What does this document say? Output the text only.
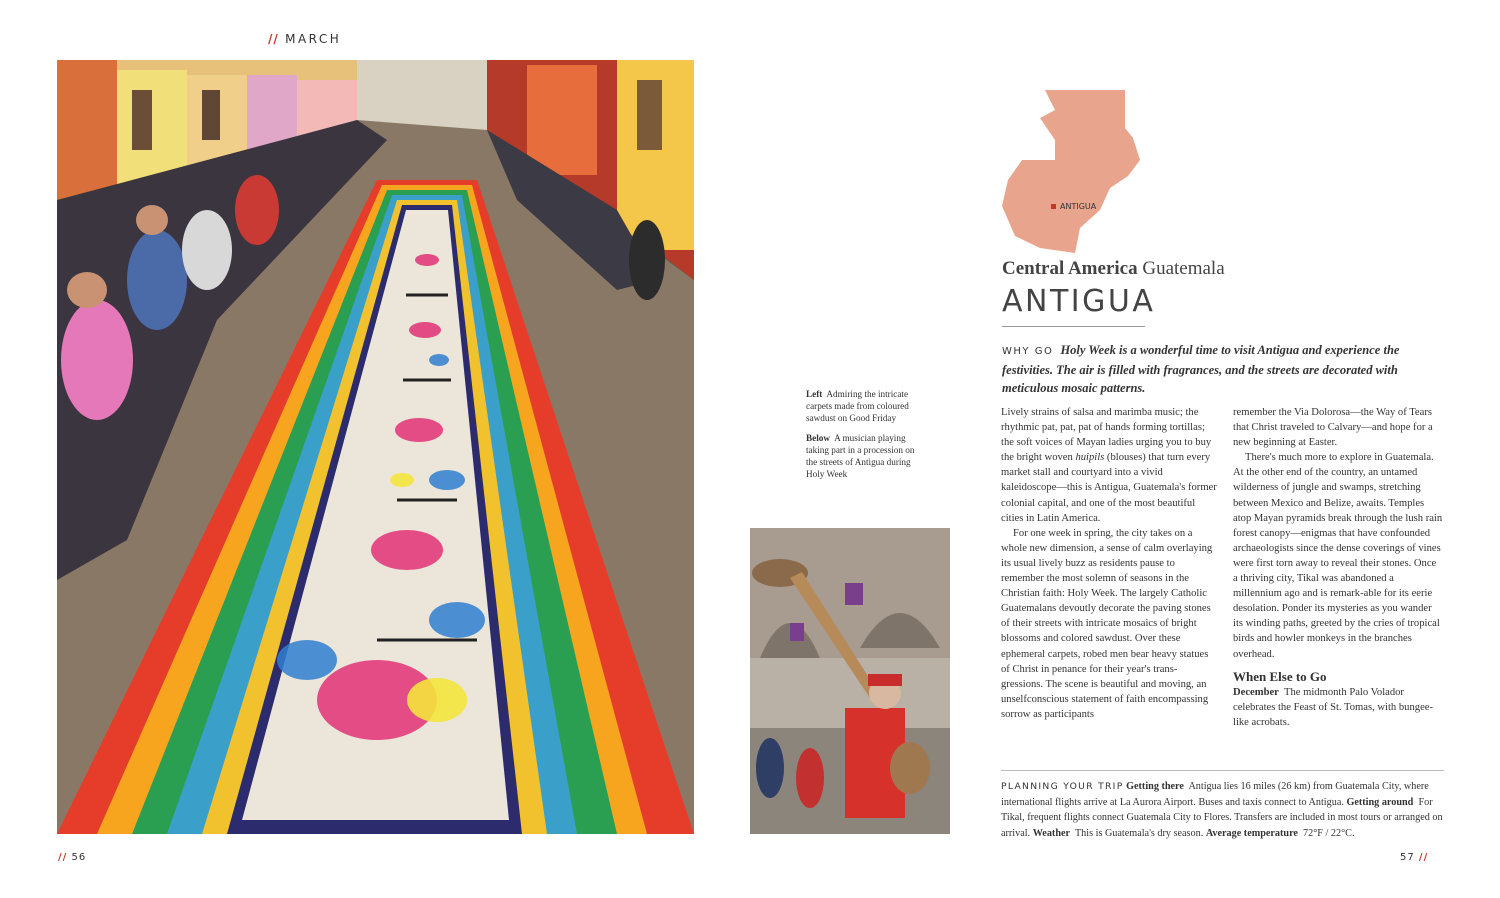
// MARCH

Left Admiring the intricate carpets made from coloured sawdust on Good Friday

Below A musician playing taking part in a procession on the streets of Antigua during Holy Week

ANTIGUA
Central America Guatemala
ANTIGUA
WHY GO Holy Week is a wonderful time to visit Antigua and experience the festivities. The air is filled with fragrances, and the streets are decorated with meticulous mosaic patterns.

Lively strains of salsa and marimba music; the rhythmic pat, pat, pat of hands forming tortillas; the soft voices of Mayan ladies urging you to buy the bright woven huipils (blouses) that turn every market stall and courtyard into a vivid kaleidoscope—this is Antigua, Guatemala's former colonial capital, and one of the most beautiful cities in Latin America.

For one week in spring, the city takes on a whole new dimension, a sense of calm overlaying its usual lively buzz as residents pause to remember the most solemn of seasons in the Christian faith: Holy Week. The largely Catholic Guatemalans devoutly decorate the paving stones of their streets with intricate mosaics of bright blossoms and colored sawdust. Over these ephemeral carpets, robed men bear heavy statues of Christ in penance for their year's trans-gressions. The scene is beautiful and moving, an unselfconscious statement of faith encompassing sorrow as participants

remember the Via Dolorosa—the Way of Tears that Christ traveled to Calvary—and hope for a new beginning at Easter.

There's much more to explore in Guatemala. At the other end of the country, an untamed wilderness of jungle and swamps, stretching between Mexico and Belize, awaits. Temples atop Mayan pyramids break through the lush rain forest canopy—enigmas that have confounded archaeologists since the dense coverings of vines were first torn away to reveal their stones. Once a thriving city, Tikal was abandoned a millennium ago and is remark-able for its eerie desolation. Ponder its mysteries as you wander its winding paths, greeted by the cries of tropical birds and howler monkeys in the branches overhead.

When Else to Go

December The midmonth Palo Volador celebrates the Feast of St. Tomas, with bungee-like acrobats.

PLANNING YOUR TRIP Getting there Antigua lies 16 miles (26 km) from Guatemala City, where international flights arrive at La Aurora Airport. Buses and taxis connect to Antigua. Getting around For Tikal, frequent flights connect Guatemala City to Flores. Transfers are included in most tours or arranged on arrival. Weather This is Guatemala's dry season. Average temperature 72°F / 22°C.
// 56	57 //
